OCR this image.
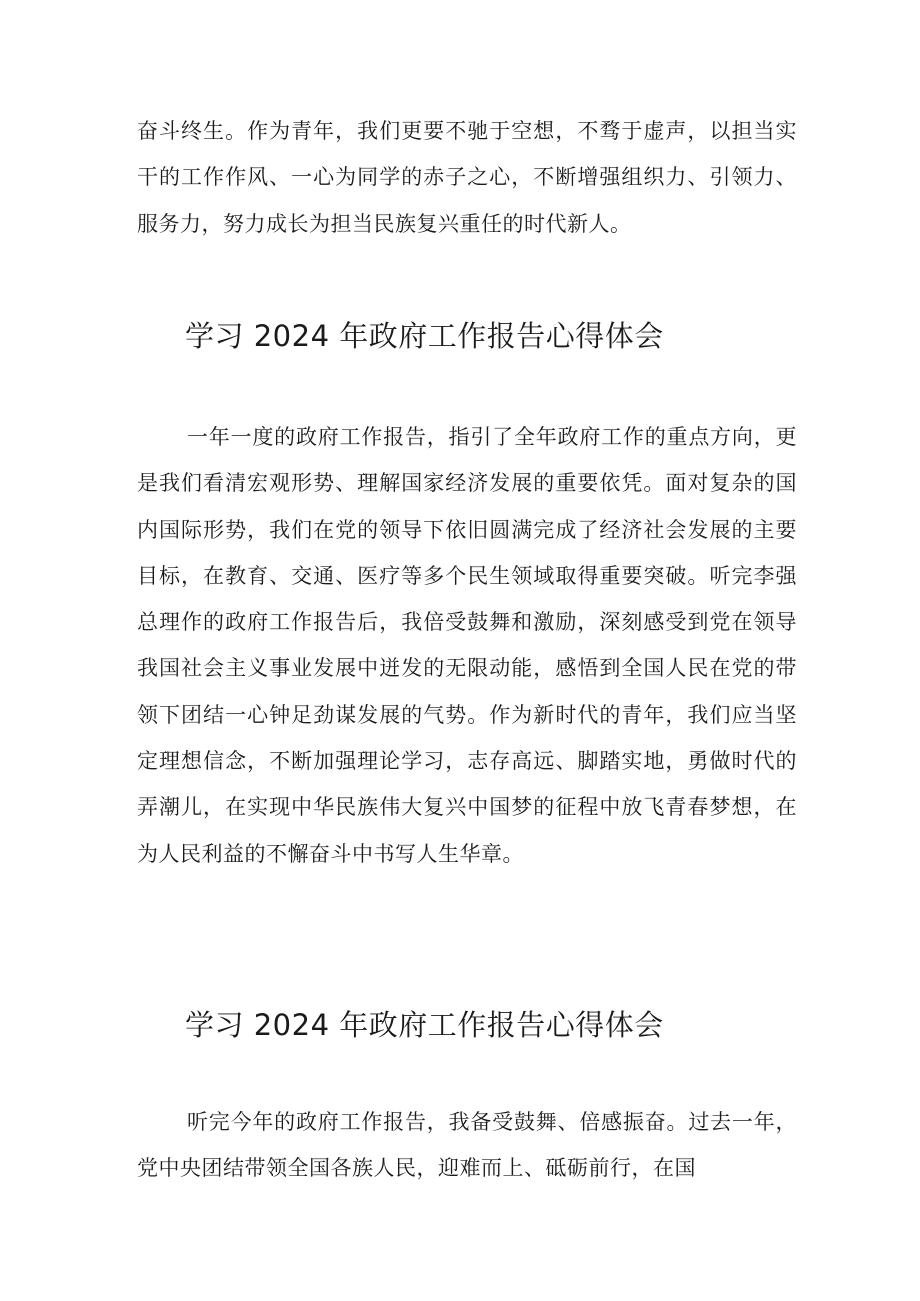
奋斗终生。作为青年，我们更要不驰于空想，不骛于虚声，以担当实干的工作作风、一心为同学的赤子之心，不断增强组织力、引领力、服务力，努力成长为担当民族复兴重任的时代新人。

学习 2024 年政府工作报告心得体会

一年一度的政府工作报告，指引了全年政府工作的重点方向，更是我们看清宏观形势、理解国家经济发展的重要依凭。面对复杂的国内国际形势，我们在党的领导下依旧圆满完成了经济社会发展的主要目标，在教育、交通、医疗等多个民生领域取得重要突破。听完李强总理作的政府工作报告后，我倍受鼓舞和激励，深刻感受到党在领导我国社会主义事业发展中迸发的无限动能，感悟到全国人民在党的带领下团结一心钟足劲谋发展的气势。作为新时代的青年，我们应当坚定理想信念，不断加强理论学习，志存高远、脚踏实地，勇做时代的弄潮儿，在实现中华民族伟大复兴中国梦的征程中放飞青春梦想，在为人民利益的不懈奋斗中书写人生华章。

学习 2024 年政府工作报告心得体会

听完今年的政府工作报告，我备受鼓舞、倍感振奋。过去一年，党中央团结带领全国各族人民，迎难而上、砥砺前行，在国
